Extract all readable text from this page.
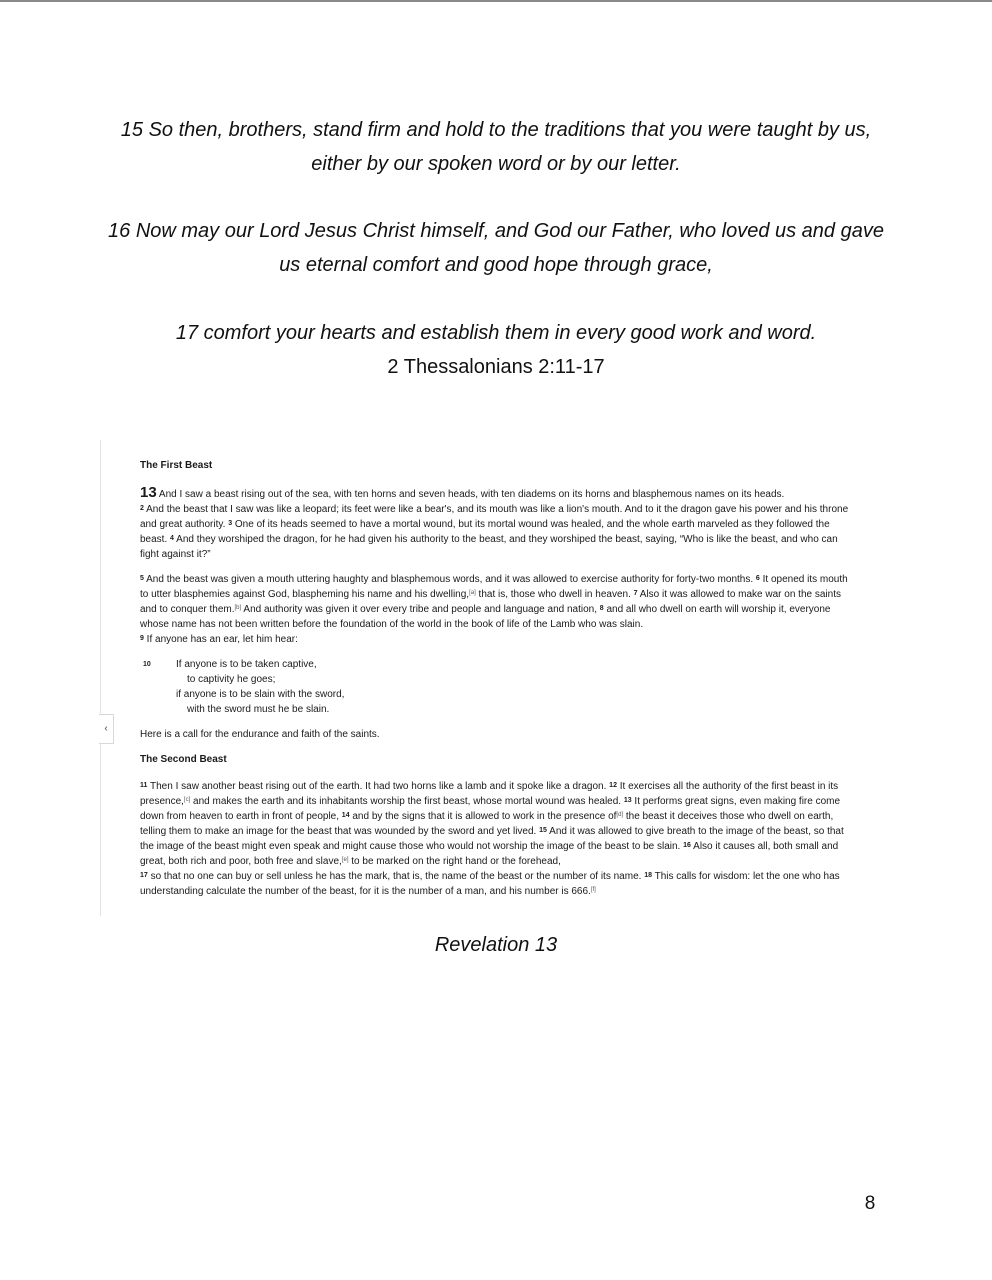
15 So then, brothers, stand firm and hold to the traditions that you were taught by us, either by our spoken word or by our letter.
16 Now may our Lord Jesus Christ himself, and God our Father, who loved us and gave us eternal comfort and good hope through grace,
17 comfort your hearts and establish them in every good work and word.
2 Thessalonians 2:11-17
‹
The First Beast
13 And I saw a beast rising out of the sea, with ten horns and seven heads, with ten diadems on its horns and blasphemous names on its heads.
$^2$ And the beast that I saw was like a leopard; its feet were like a bear's, and its mouth was like a lion's mouth. And to it the dragon gave his power and his throne and great authority. $^3$ One of its heads seemed to have a mortal wound, but its mortal wound was healed, and the whole earth marveled as they followed the beast. $^4$ And they worshiped the dragon, for he had given his authority to the beast, and they worshiped the beast, saying, “Who is like the beast, and who can fight against it?”
$^5$ And the beast was given a mouth uttering haughty and blasphemous words, and it was allowed to exercise authority for forty-two months. $^6$ It opened its mouth to utter blasphemies against God, blaspheming his name and his dwelling,[a] that is, those who dwell in heaven. $^7$ Also it was allowed to make war on the saints and to conquer them.[b] And authority was given it over every tribe and people and language and nation, $^8$ and all who dwell on earth will worship it, everyone whose name has not been written before the foundation of the world in the book of life of the Lamb who was slain.
$^9$ If anyone has an ear, let him hear:
10	If anyone is to be taken captive,
to captivity he goes;
if anyone is to be slain with the sword,
with the sword must he be slain.
Here is a call for the endurance and faith of the saints.
The Second Beast
$^{11}$ Then I saw another beast rising out of the earth. It had two horns like a lamb and it spoke like a dragon. $^{12}$ It exercises all the authority of the first beast in its presence,[c] and makes the earth and its inhabitants worship the first beast, whose mortal wound was healed. $^{13}$ It performs great signs, even making fire come down from heaven to earth in front of people, $^{14}$ and by the signs that it is allowed to work in the presence of[d] the beast it deceives those who dwell on earth, telling them to make an image for the beast that was wounded by the sword and yet lived. $^{15}$ And it was allowed to give breath to the image of the beast, so that the image of the beast might even speak and might cause those who would not worship the image of the beast to be slain. $^{16}$ Also it causes all, both small and great, both rich and poor, both free and slave,[e] to be marked on the right hand or the forehead,
$^{17}$ so that no one can buy or sell unless he has the mark, that is, the name of the beast or the number of its name. $^{18}$ This calls for wisdom: let the one who has understanding calculate the number of the beast, for it is the number of a man, and his number is 666.[f]
Revelation 13
8
